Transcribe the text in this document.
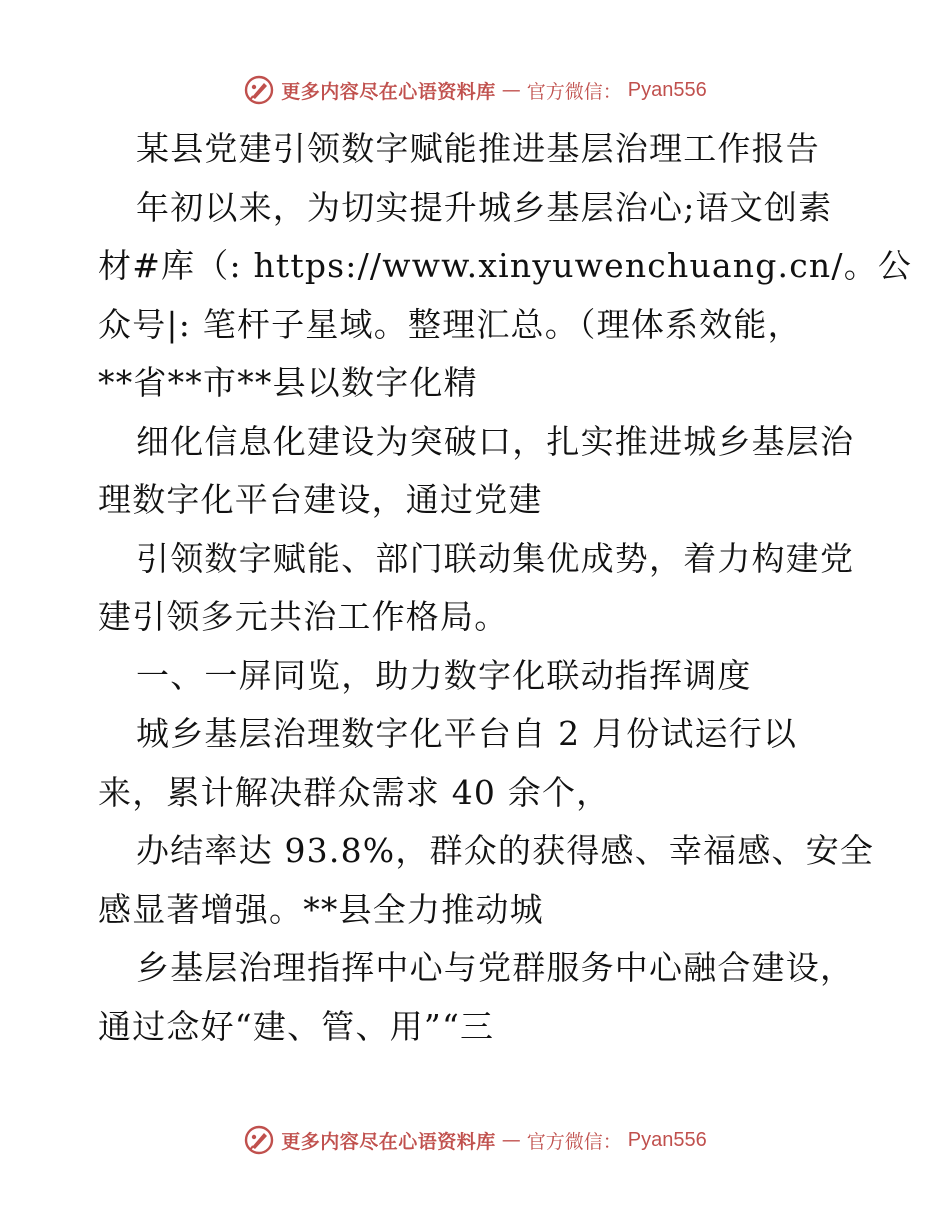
更多内容尽在心语资料库 — 官方微信： Pyan556
某县党建引领数字赋能推进基层治理工作报告
年初以来，为切实提升城乡基层治心;语文创素
材#库（: https://www.xinyuwenchuang.cn/。公
众号|: 笔杆子星域。整理汇总。（理体系效能，
**省**市**县以数字化精
细化信息化建设为突破口，扎实推进城乡基层治
理数字化平台建设，通过党建
引领数字赋能、部门联动集优成势，着力构建党
建引领多元共治工作格局。
一、一屏同览，助力数字化联动指挥调度
城乡基层治理数字化平台自 2 月份试运行以
来，累计解决群众需求 40 余个，
办结率达 93.8%，群众的获得感、幸福感、安全
感显著增强。**县全力推动城
乡基层治理指挥中心与党群服务中心融合建设，
通过念好“建、管、用”“三
更多内容尽在心语资料库 — 官方微信： Pyan556
